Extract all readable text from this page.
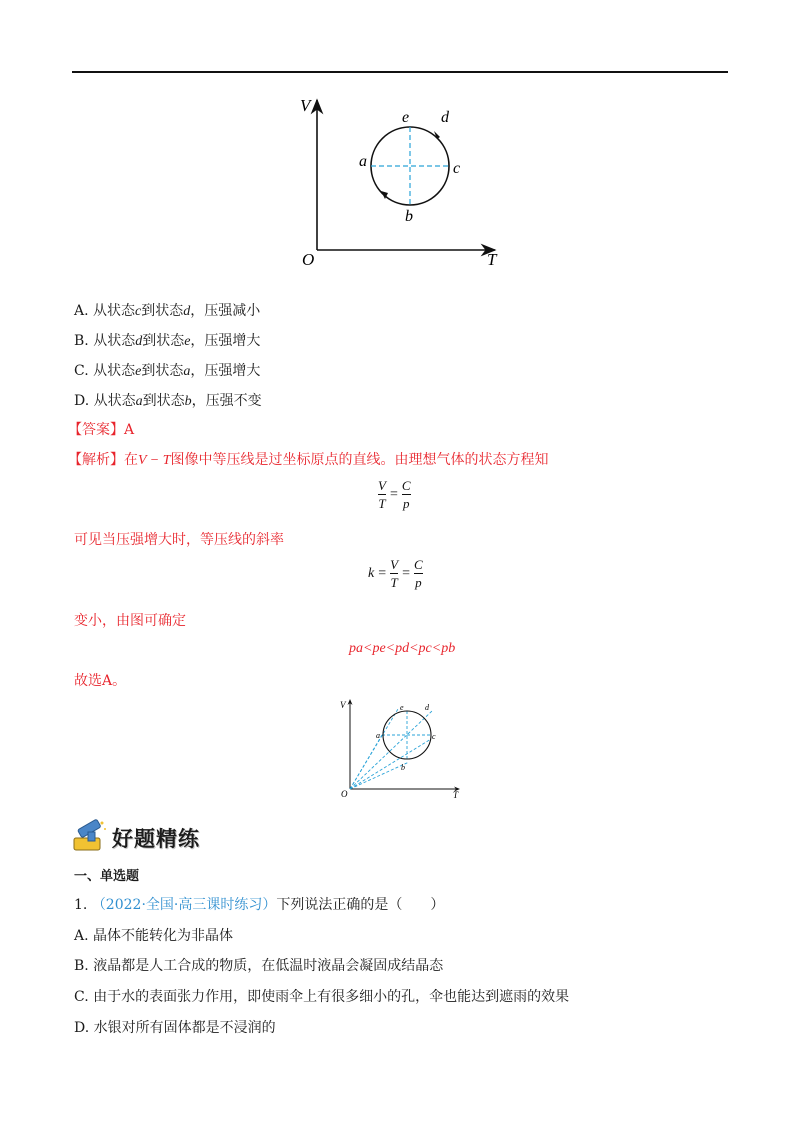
V
T
O
a
b
c
d
e
A. 从状态c到状态d，压强减小
B. 从状态d到状态e，压强增大
C. 从状态e到状态a，压强增大
D. 从状态a到状态b，压强不变
【答案】A
【解析】在V − T图像中等压线是过坐标原点的直线。由理想气体的状态方程知
$\frac{V}{T} = \frac{C}{p}$
可见当压强增大时，等压线的斜率
$k = \frac{V}{T} = \frac{C}{p}$
变小，由图可确定
pa<pe<pd<pc<pb
故选A。
V
T
O
a
b
c
d
e
好题精练
一、单选题
1. （2022·全国·高三课时练习）下列说法正确的是（　　）
A. 晶体不能转化为非晶体
B. 液晶都是人工合成的物质，在低温时液晶会凝固成结晶态
C. 由于水的表面张力作用，即使雨伞上有很多细小的孔，伞也能达到遮雨的效果
D. 水银对所有固体都是不浸润的
